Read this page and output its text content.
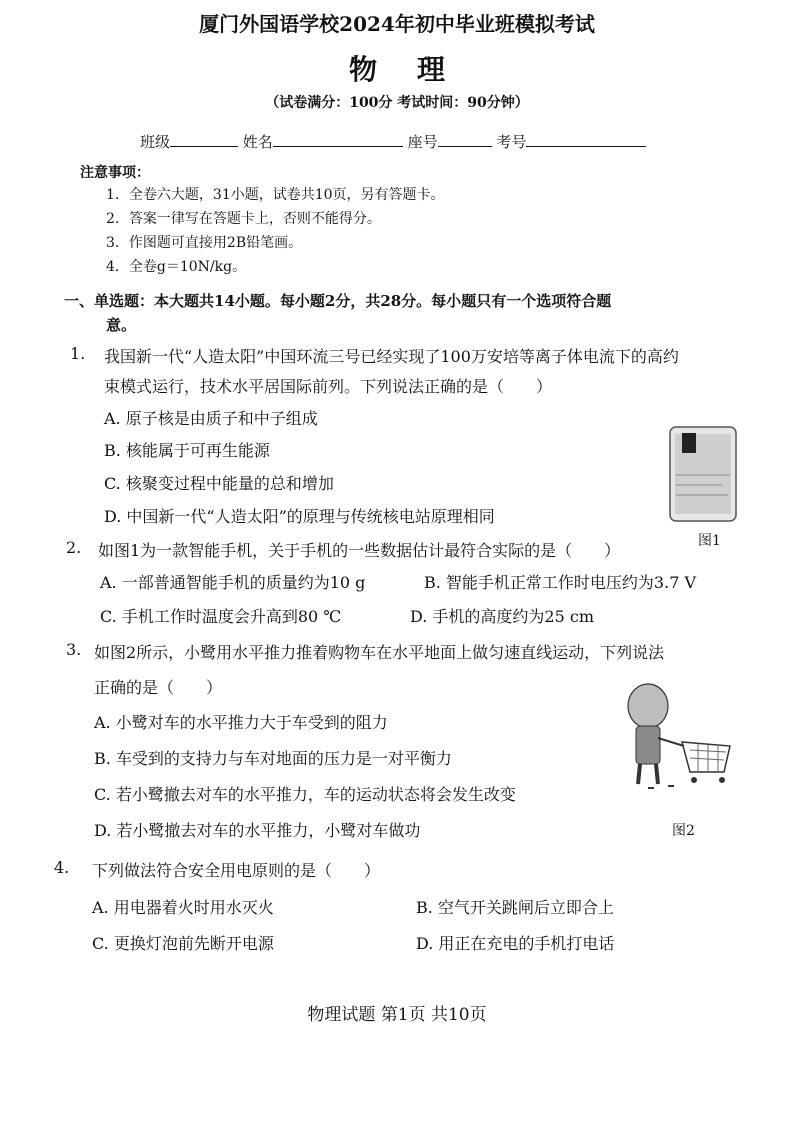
厦门外国语学校2024年初中毕业班模拟考试
物理
（试卷满分：100分 考试时间：90分钟）
班级	姓名	座号	考号
注意事项：
1．全卷六大题，31小题，试卷共10页，另有答题卡。
2．答案一律写在答题卡上，否则不能得分。
3．作图题可直接用2B铅笔画。
4．全卷g＝10N/kg。
一、单选题：本大题共14小题。每小题2分，共28分。每小题只有一个选项符合题
意。
1. 我国新一代“人造太阳”中国环流三号已经实现了100万安培等离子体电流下的高约
束模式运行，技术水平居国际前列。下列说法正确的是（　　）
A. 原子核是由质子和中子组成
B. 核能属于可再生能源
C. 核聚变过程中能量的总和增加
D. 中国新一代“人造太阳”的原理与传统核电站原理相同
图1
2. 如图1为一款智能手机，关于手机的一些数据估计最符合实际的是（　　）
A. 一部普通智能手机的质量约为10 g	B. 智能手机正常工作时电压约为3.7 V
C. 手机工作时温度会升高到80 ℃	D. 手机的高度约为25 cm
3. 如图2所示，小鹭用水平推力推着购物车在水平地面上做匀速直线运动，下列说法
正确的是（　　）
A. 小鹭对车的水平推力大于车受到的阻力
B. 车受到的支持力与车对地面的压力是一对平衡力
C. 若小鹭撤去对车的水平推力，车的运动状态将会发生改变
D. 若小鹭撤去对车的水平推力，小鹭对车做功	图2
4. 下列做法符合安全用电原则的是（　　）
A. 用电器着火时用水灭火	B. 空气开关跳闸后立即合上
C. 更换灯泡前先断开电源	D. 用正在充电的手机打电话
物理试题 第1页 共10页
